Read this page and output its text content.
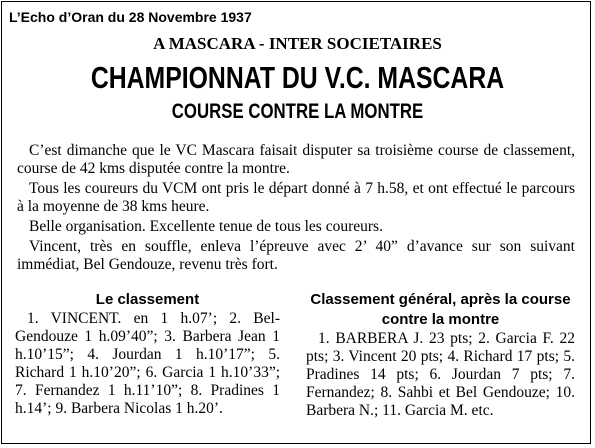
L’Echo d’Oran du 28 Novembre 1937
A MASCARA - INTER SOCIETAIRES
CHAMPIONNAT DU V.C. MASCARA
COURSE CONTRE LA MONTRE

C’est dimanche que le VC Mascara faisait disputer sa troisième course de classement, course de 42 kms disputée contre la montre.

Tous les coureurs du VCM ont pris le départ donné à 7 h.58, et ont effectué le parcours à la moyenne de 38 kms heure.

Belle organisation. Excellente tenue de tous les coureurs.

Vincent, très en souffle, enleva l’épreuve avec 2’ 40” d’avance sur son suivant immédiat, Bel Gendouze, revenu très fort.

Le classement

1. VINCENT. en 1 h.07’; 2. Bel-Gendouze 1 h.09’40”; 3. Barbera Jean 1 h.10’15”; 4. Jourdan 1 h.10’17”; 5. Richard 1 h.10’20”; 6. Garcia 1 h.10’33”; 7. Fernandez 1 h.11’10”; 8. Pradines 1 h.14’; 9. Barbera Nicolas 1 h.20’.

Classement général, après la course contre la montre

1. BARBERA J. 23 pts; 2. Garcia F. 22 pts; 3. Vincent 20 pts; 4. Richard 17 pts; 5. Pradines 14 pts; 6. Jourdan 7 pts; 7. Fernandez; 8. Sahbi et Bel Gendouze; 10. Barbera N.; 11. Garcia M. etc.
